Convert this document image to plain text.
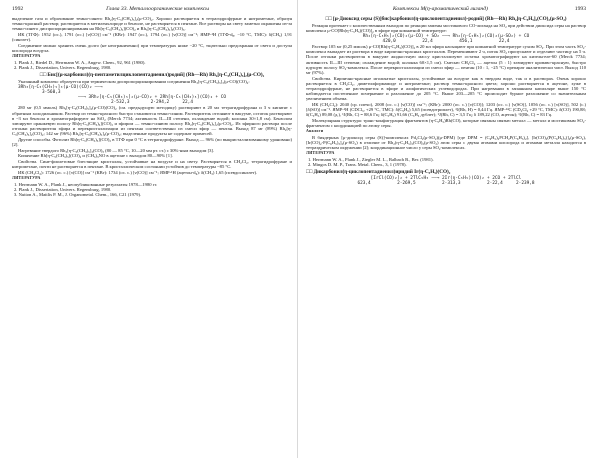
1992	Глава 33. Металлоорганические комплексы

выделение газа и образование темно-синего Rh₂[η-C₅(CH₃)₅]₂(μ-CO)₂. Хорошо растворяется в тетрагидрофуране и нитрометане, образуя темно-красный раствор; растворяется в метиленхлориде и бензоле, не растворяется в пентане. Все растворы на свету заметно окрашены из-за темно-синего диспропорционирования на Rh[η-C₅(CH₃)₅](CO)₂ и Rh₃[η-C₅(CH₃)₅]₃(CO)₃.

ИК (ТГФ): 1952 (ос.), 1791 (ос.) [ν(CO)] см⁻¹ (КВг): 1947 (ос.), 1794 (ос.) [ν(CO)] см⁻¹; ЯМР-¹Н (ТГФ-d₈, −10 °С, ТМС): δ(CH₃) 1,91 (синглет).

Соединение можно хранить очень долго (не неограниченно) при температурах ниже −20 °С, тщательно предохраняя от света и доступа кислорода воздуха.

ЛИТЕРАТУРА

1. Plank J., Riedel D., Herrmann W. A., Angew. Chem., 92, 961 (1980).

2. Plank J., Dissertation, Univers. Regensburg, 1980.

□□ Бис[(μ-карбонил)(η-пентаметилциклопентадиенил)родий] (Rh—Rh) Rh₂[η-C₅(CH₃)₅]₂(μ-CO)₂

Указанный комплекс образуется при термическом диспропорционировании соединения Rh₃[η-C₅(CH₃)₅]₃(μ-CO)(CO)₂:

3Rh₃[η-C₅(CH₃)₅]₃(μ-CO)(CO)₂ ——→
3·560,3
——→ 3Rh₂[η-C₅(CH₃)₅]₂(μ-CO)₂ + 2Rh[η-C₅(CH₃)₅](CO)₂ + CO
2·532,3        2·294,2     22,4

280 мг (0,5 ммоль) Rh₂[η-C₅(CH₃)₅]₂(μ-CO)(CO)₂ (см. предыдущую методику) растворяют в 20 мл тетрагидрофурана и 3 ч кипятят с обратным холодильником. Раствор из темно-красного быстро становится темно-синим. Растворитель отгоняют в вакууме, остаток растворяют в ~3 мл бензола и хроматографируют на SiO₂ (Merck 7734; активность II—III степени, охлаждение водой; колонка 30×1,8 см). Бензолом элюируют оранжевую полосу Rh[η-C₅(CH₃)₅](CO)₂ и эфиром — темно-синюю полосу Rh₂[η-C₅(CH₃)₅]₂(μ-CO)₂. Из эфирного раствора после отгонки растворителя эфира и перекристаллизации из пентана соответственно из смеси эфир — пентан. Выход 87 мг (89%) Rh₂[η-C₅(CH₃)₅]₂(CO)₂; 142 мг (96%) Rh₂[η-C₅(CH₃)₅]₂(μ-CO)₂; выделенные продукты не содержат примесей.

Другие способы. Фотолиз Rh[η-C₅(CH₃)₅](CO)₂ в ТГФ при 0 °С в тетрагидрофуране. Выход — 96% (по выкристаллизованному урановано) [2].

Нагревание твердого Rh₃[η-C₅(CH₃)₅]₃(CO)₃ (80 — 85 °С, 10—20 мм рт. ст.) с 30%-ным выходом [3].

Кипячение Rh[η-C₅(CH₃)₅](CO)₂ и (CH₃)₃NO в ацетоне с выходом 80—90% [1].

Свойства. Сине-фиолетовые блестящие кристаллы, устойчивые на воздухе и на свету. Растворяется в CH₂Cl₂, тетрагидрофуране и нитрометане, почти не растворяется в пентане. В кристаллическом состоянии устойчив до температуры ~85 °С.

ИК (CH₂Cl₂): 1726 (ос. с.) [ν(CO)] см⁻¹ (КВг): 1734 (ос. с.) [ν(CO)] см⁻¹; ЯМР-¹Н (ацетон-d₆): δ(CH₃) 1,65 (псевдосинглет).

ЛИТЕРАТУРА

1. Herrmann W. A., Plank J., неопубликованные результаты 1978—1980 гг.

2. Plank J., Dissertation, Univers. Regensburg, 1980.

3. Nutton A., Maitlis P. M., J. Organometal. Chem., 166, C21 (1979).

Комплексы M(η-ароматический лиганд)	1993
□□ [μ-Диоксид серы (S)]бис[карбонил(η-циклопентадиенил)-родий] (Rh—Rh) Rh₂[η-C₅H₅]₂(CO)₂(μ-SO₂)

Реакция протекает с количественным выходом по реакции замены мостикового CO-лиганда на SO₂ при действии диоксида серы на раствор комплекса μ-CO[Rh(η-C₅H₅)(CO)]₂ в эфире при комнатной температуре:

Rh₂[η-C₅H₅]₂(CO)₂(μ-CO) + SO₂ ——→ Rh₂[η-C₅H₅]₂(CO)₂(μ-SO₂) + CO
420,0          22,4          456,1          22,4

Раствор 105 мг (0,25 ммоль) μ-CO[Rh(η-C₅H₅)(CO)]₂ в 20 мл эфира насыщают при комнатной температуре сухим SO₂. При этом часть SO₂-комплекса выпадает из раствора в виде кирпично-красных кристаллов. Перемешивают 2 ч, поток SO₂ пропускают и отделяют частицу на 5 ч. После отгонки растворителя в вакууме жидкостную массу кристаллизуют остатка хроматографируют на кизельгеле-60 (Merck 7734; активность II—III степени; охлаждение водой; колонка 60×1,5 см). Смесью CH₂Cl₂ — ацетон (5 : 1) элюируют кроваво-красную, быстро идущую полосу SO₂-комплекса. После перекристаллизации из смеси эфир — пентан (10 : 1, −25 °С) препарат аналитически чист. Выход 110 мг (97%).

Свойства. Кирпично-красные игольчатые кристаллы, устойчивые на воздухе как в твердом виде, так и в растворах. Очень хорошо растворяется в CH₂Cl₂, диметилформамиде и нитрометане; раствор темно-красного цвета; хорошо растворяется в ацетоне, хуже в тетрагидрофуране, не растворяется в эфире и алифатических углеводородах. При нагревании в запаянном капилляре выше 150 °С наблюдается постепенное почернение и разложение до 205 °С. Выше 203—205 °С происходит бурное разложение со значительным увеличением объема.

ИК (CH₂Cl₂): 2040 (ср. плечо), 2008 (ос. с.) [ν(CO)] см⁻¹; (КВг): 2000 (ос. с.) [ν(CO)]; 1203 (ос. с.) [ν(SO)], 1056 (ос. с.) [ν(SO)], 502 (с.) [δ(SO)] см⁻¹. ЯМР-¹Н (CDCl₃, +29 °С, ТМС): δ(C₅H₅) 5,65 (псевдотриплет), ³J(Rh, H) = 0,44 Гц. ЯМР-¹³С (CD₂Cl₂ +29 °С, ТМС): δ(CO) 190,88; δ(C₅H₅) 89,08 (д.), ¹J(Rh, C) = 88,6 Гц; δ(C₅H₅) 91,66 (C₅H₅ дублет); ¹J(Rh, C) = 3,5 Гц; δ 189,22 (CO, ацетон); ¹J(Rh, C) = 83 Гц.

Молекулярная структура: транс-конфигурация фрагментов (η-C₅H₅)Rh(CO), которые связаны связью металл — металл и мостиковым SO₂-фрагментом с координацией по атому серы.

Аналоги

В биядерных [μ-диоксид серы (S)]-комплексах Pd₂Cl₂(μ-SO₂)(μ-DPM) [где DPM = (C₆H₅)₂PCH₂P(C₆H₅)₂], [Ir(CO)₂(P(C₆H₅)₃)]₂(μ-SO₂), [Ir(CO)₂-P(C₆H₅)₃]₂(μ-SO₂) в отличие от Rh₂(η-C₅H₅)₂(CO)₂(μ-SO₂) атом серы с двумя атомами кислорода и атомами металла находится в тетраэдрическом окружении [2]; координационное число у серы SO₂-комплексах.

ЛИТЕРАТУРА

1. Herrmann W. A., Plank J., Ziegler M. L., Balbach B., Ber. (1981).

2. Mingos D. M. P., Trans. Metal. Chem., 3, 1 (1978).

□□ Дикарбонил(η-циклопентадиенил)иридий Ir(η-C₅H₅)(CO)₂
[IrCl(CO)₂]₂ + 2TlC₅H₅ ——→ 2Ir(η-C₅H₅)(CO)₂ + 2CO + 2TlCl
623,4          2·269,5          2·313,3          2·22,4     2·239,8
